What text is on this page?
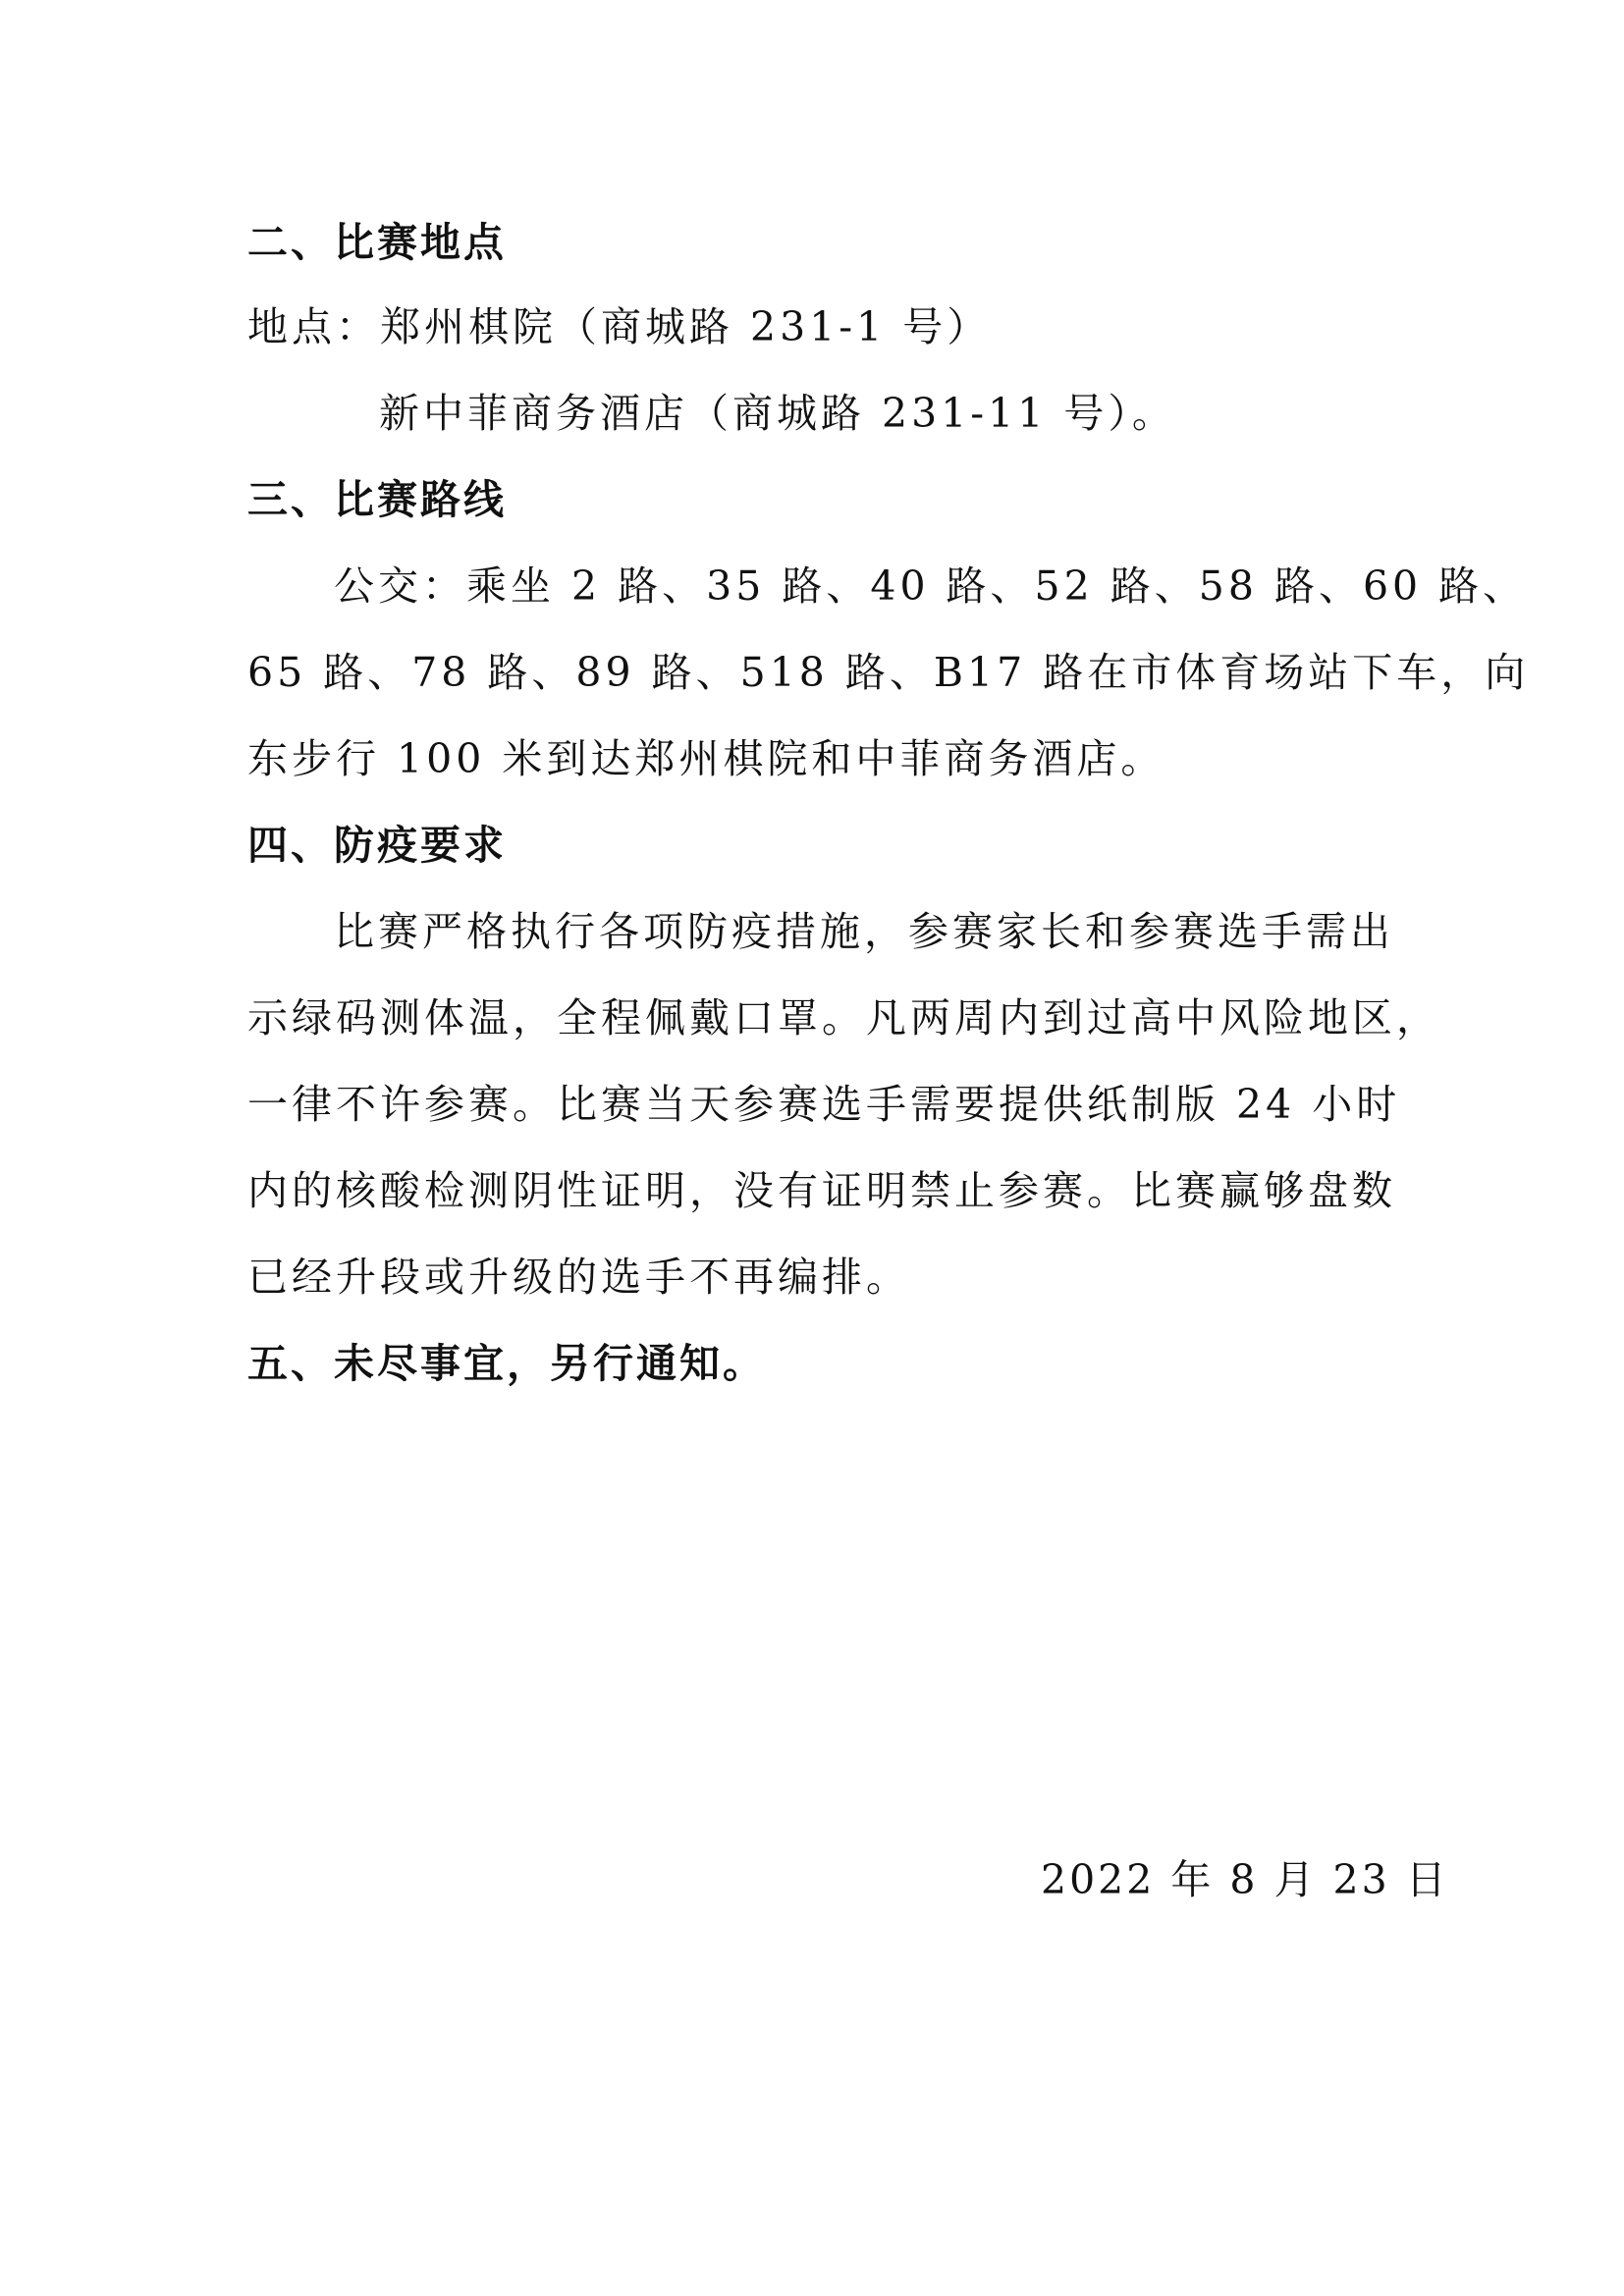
二、比赛地点

地点：郑州棋院（商城路 231-1 号）

新中菲商务酒店（商城路 231-11 号）。

三、比赛路线

公交：乘坐 2 路、35 路、40 路、52 路、58 路、60 路、

65 路、78 路、89 路、518 路、B17 路在市体育场站下车，向

东步行 100 米到达郑州棋院和中菲商务酒店。

四、防疫要求

比赛严格执行各项防疫措施，参赛家长和参赛选手需出

示绿码测体温，全程佩戴口罩。凡两周内到过高中风险地区，

一律不许参赛。比赛当天参赛选手需要提供纸制版 24 小时

内的核酸检测阴性证明，没有证明禁止参赛。比赛赢够盘数

已经升段或升级的选手不再编排。

五、未尽事宜，另行通知。

2022 年 8 月 23 日
